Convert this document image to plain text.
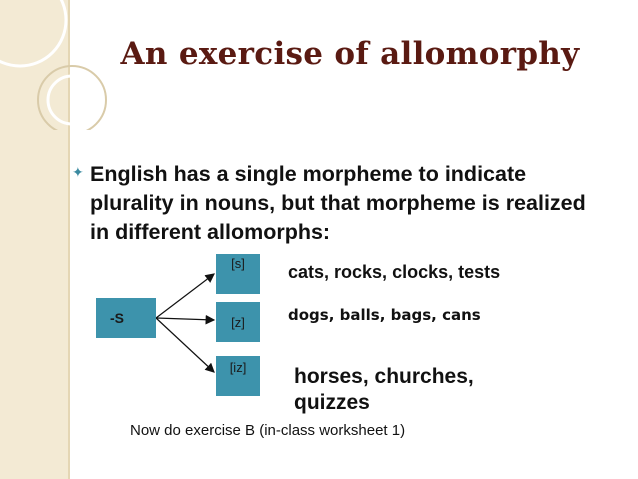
An exercise of allomorphy
✦ English has a single morpheme to indicate plurality in nouns, but that morpheme is realized in different allomorphs:
-S
[s]
[z]
[iz]
cats, rocks, clocks, tests
dogs, balls, bags, cans
horses, churches, quizzes
Now do exercise B (in-class worksheet 1)
